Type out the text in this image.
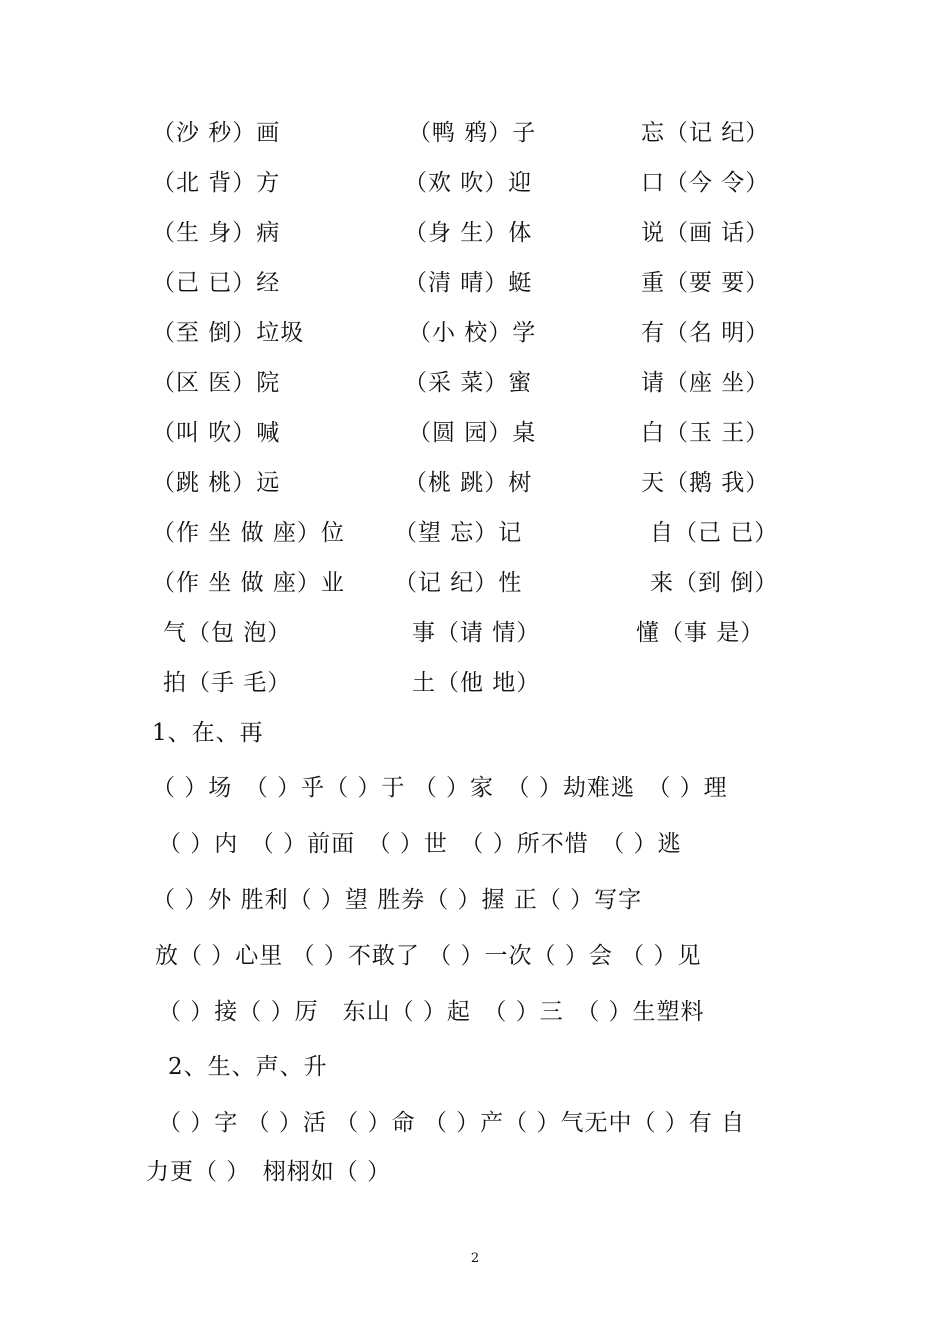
（沙 秒）画	（鸭 鸦）子	忘（记 纪）
（北 背）方	（欢 吹）迎	口（今 令）
（生 身）病	（身 生）体	说（画 话）
（己 已）经	（清 晴）蜓	重（要 要）
（至 倒）垃圾	（小 校）学	有（名 明）
（区 医）院	（采 菜）蜜	请（座 坐）
（叫 吹）喊	（圆 园）桌	白（玉 王）
（跳 桃）远	（桃 跳）树	天（鹅 我）
（作 坐 做 座）位 （望 忘）记	自（己 已）
（作 坐 做 座）业 （记 纪）性	来（到 倒）
气（包 泡）	事（请 情）	懂（事 是）
拍（手 毛）	土（他 地）
1、在、再
（ ）场　（ ）乎（ ）于 （ ）家　（ ）劫难逃　（ ）理
（ ）内　（ ）前面　（ ）世　（ ）所不惜　（ ）逃
（ ）外 胜利（ ）望 胜券（ ）握 正（ ）写字
放（ ）心里 （ ）不敢了 （ ）一次（ ）会 （ ）见
（ ）接（ ）厉　东山（ ）起　（ ）三　（ ）生塑料
2、生、声、升
（ ）字 （ ）活 （ ）命 （ ）产（ ）气无中（ ）有 自
力更（ ）　栩栩如（ ）
2
